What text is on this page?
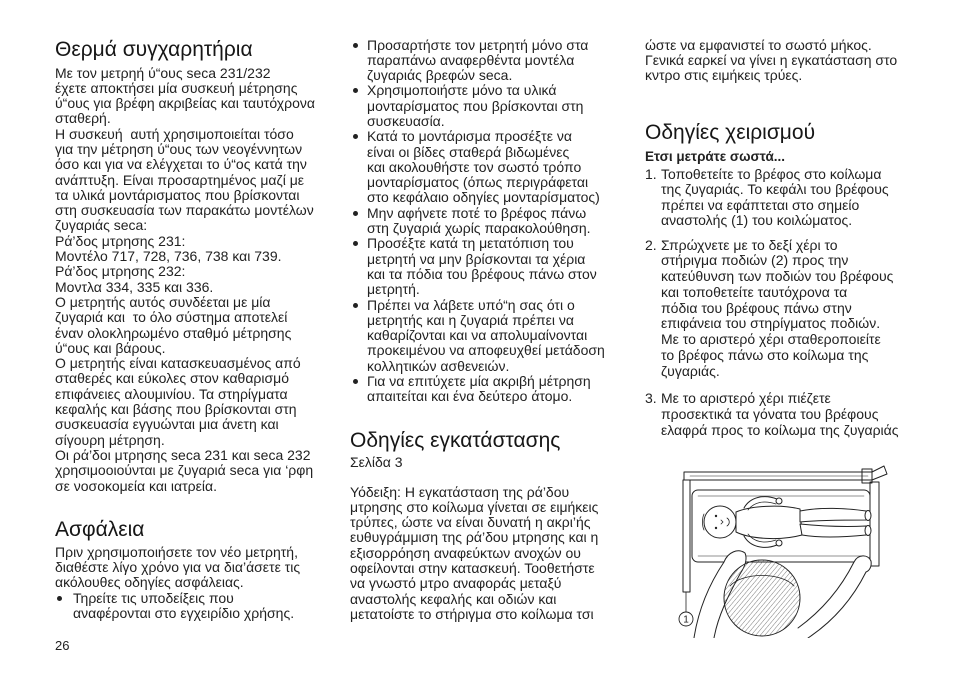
Θερμά συγχαρητήρια
Με τον μετρηή ύ“ους seca 231/232
έχετε αποκτήσει μία συσκευή μέτρησης
ύ“ους για βρέφη ακριβείας και ταυτόχρονα
σταθερή.
Η συσκευή  αυτή χρησιμοποιείται τόσο
για την μέτρηση ύ“ους των νεογέννητων
όσο και για να ελέγχεται το ύ“ος κατά την
ανάπτυξη. Είναι προσαρτημένος μαζί με
τα υλικά μοντάρισματος που βρίσκονται
στη συσκευασία των παρακάτω μοντέλων
ζυγαριάς seca:
Ρά’δος μτρησης 231:
Μοντέλο 717, 728, 736, 738 και 739.
Ρά’δος μτρησης 232:
Μοντλα 334, 335 και 336.
Ο μετρητής αυτός συνδέεται με μία
ζυγαριά και  το όλο σύστημα αποτελεί
έναν ολοκληρωμένο σταθμό μέτρησης
ύ“ους και βάρους.
Ο μετρητής είναι κατασκευασμένος από
σταθερές και εύκολες στον καθαρισμό
επιφάνειες αλουμινίου. Τα στηρίγματα
κεφαλής και βάσης που βρίσκονται στη
συσκευασία εγγυώνται μια άνετη και
σίγουρη μέτρηση.
Οι ρά’δοι μτρησης seca 231 και seca 232
χρησιμοοιούνται με ζυγαριά seca για ‘ρφη
σε νοσοκομεία και ιατρεία.
Ασφάλεια
Πριν χρησιμοποιήσετε τον νέο μετρητή,
διαθέστε λίγο χρόνο για να δια’άσετε τις
ακόλουθες οδηγίες ασφάλειας.
Τηρείτε τις υποδείξεις που
αναφέρονται στο εγχειρίδιο χρήσης.
26
Προσαρτήστε τον μετρητή μόνο στα
παραπάνω αναφερθέντα μοντέλα
ζυγαριάς βρεφών seca.
Χρησιμοποιήστε μόνο τα υλικά
μονταρίσματος που βρίσκονται στη
συσκευασία.
Κατά το μοντάρισμα προσέξτε να
είναι οι βίδες σταθερά βιδωμένες
και ακολουθήστε τον σωστό τρόπο
μονταρίσματος (όπως περιγράφεται
στο κεφάλαιο οδηγίες μονταρίσματος)
Μην αφήνετε ποτέ το βρέφος πάνω
στη ζυγαριά χωρίς παρακολούθηση.
Προσέξτε κατά τη μετατόπιση του
μετρητή να μην βρίσκονται τα χέρια
και τα πόδια του βρέφους πάνω στον
μετρητή.
Πρέπει να λάβετε υπό“η σας ότι ο
μετρητής και η ζυγαριά πρέπει να
καθαρίζονται και να απολυμαίνονται
προκειμένου να αποφευχθεί μετάδοση
κολλητικών ασθενειών.
Για να επιτύχετε μία ακριβή μέτρηση
απαιτείται και ένα δεύτερο άτομο.
Οδηγίες εγκατάστασης
Σελίδα 3
Υόδειξη: Η εγκατάσταση της ρά’δου
μτρησης στο κοίλωμα γίνεται σε ειμήκεις
τρύπες, ώστε να είναι δυνατή η ακρι’ής
ευθυγράμμιση της ρά’δου μτρησης και η
εξισορρόηση αναφεύκτων ανοχών ου
οφείλονται στην κατασκευή. Τοοθετήστε
να γνωστό μτρο αναφοράς μεταξύ
αναστολής κεφαλής και οδιών και
μετατοίστε το στήριγμα στο κοίλωμα τσι
ώστε να εμφανιστεί το σωστό μήκος.
Γενικά εαρκεί να γίνει η εγκατάσταση στο
κντρο στις ειμήκεις τρύες.
Οδηγίες χειρισμού
Ετσι μετράτε σωστά...
1. Τοποθετείτε το βρέφος στο κοίλωμα
της ζυγαριάς. Το κεφάλι του βρέφους
πρέπει να εφάπτεται στο σημείο
αναστολής (1) του κοιλώματος.
2. Σπρώχνετε με το δεξί χέρι το
στήριγμα ποδιών (2) προς την
κατεύθυνση των ποδιών του βρέφους
και τοποθετείτε ταυτόχρονα τα
πόδια του βρέφους πάνω στην
επιφάνεια του στηρίγματος ποδιών.
Με το αριστερό χέρι σταθεροποιείτε
το βρέφος πάνω στο κοίλωμα της
ζυγαριάς.
3. Με το αριστερό χέρι πιέζετε
προσεκτικά τα γόνατα του βρέφους
ελαφρά προς το κοίλωμα της ζυγαριάς
1
